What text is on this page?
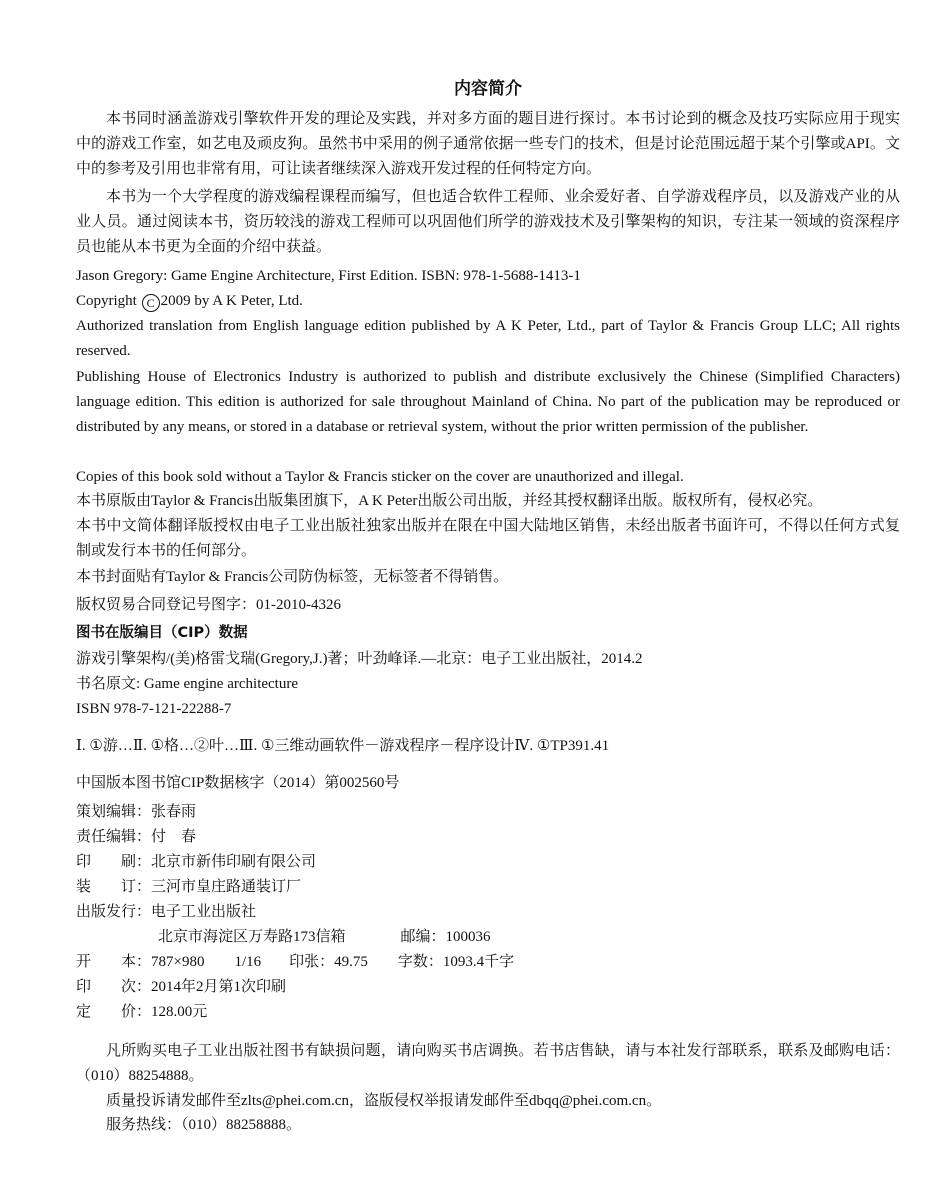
内容简介

本书同时涵盖游戏引擎软件开发的理论及实践，并对多方面的题目进行探讨。本书讨论到的概念及技巧实际应用于现实中的游戏工作室，如艺电及顽皮狗。虽然书中采用的例子通常依据一些专门的技术，但是讨论范围远超于某个引擎或API。文中的参考及引用也非常有用，可让读者继续深入游戏开发过程的任何特定方向。

本书为一个大学程度的游戏编程课程而编写，但也适合软件工程师、业余爱好者、自学游戏程序员，以及游戏产业的从业人员。通过阅读本书，资历较浅的游戏工程师可以巩固他们所学的游戏技术及引擎架构的知识，专注某一领域的资深程序员也能从本书更为全面的介绍中获益。

Jason Gregory: Game Engine Architecture, First Edition. ISBN: 978-1-5688-1413-1

Copyright C 2009 by A K Peter, Ltd.

Authorized translation from English language edition published by A K Peter, Ltd., part of Taylor & Francis Group LLC; All rights reserved.

Publishing House of Electronics Industry is authorized to publish and distribute exclusively the Chinese (Simplified Characters) language edition. This edition is authorized for sale throughout Mainland of China. No part of the publication may be reproduced or distributed by any means, or stored in a database or retrieval system, without the prior written permission of the publisher.

Copies of this book sold without a Taylor & Francis sticker on the cover are unauthorized and illegal.

本书原版由Taylor & Francis出版集团旗下，A K Peter出版公司出版，并经其授权翻译出版。版权所有，侵权必究。

本书中文简体翻译版授权由电子工业出版社独家出版并在限在中国大陆地区销售，未经出版者书面许可，不得以任何方式复制或发行本书的任何部分。

本书封面贴有Taylor & Francis公司防伪标签，无标签者不得销售。

版权贸易合同登记号图字：01-2010-4326

图书在版编目（CIP）数据

游戏引擎架构/(美)格雷戈瑞(Gregory,J.)著；叶劲峰译.—北京：电子工业出版社，2014.2

书名原文: Game engine architecture

ISBN 978-7-121-22288-7

Ⅰ. ①游…Ⅱ. ①格…②叶…Ⅲ. ①三维动画软件－游戏程序－程序设计Ⅳ. ①TP391.41

中国版本图书馆CIP数据核字（2014）第002560号

策划编辑：张春雨

责任编辑：付　春

印　　刷：北京市新伟印刷有限公司

装　　订：三河市皇庄路通装订厂

出版发行：电子工业出版社

北京市海淀区万寿路173信箱	邮编：100036

开　　本：787×980 1/16 印张：49.75 字数：1093.4千字

印　　次：2014年2月第1次印刷

定　　价：128.00元

凡所购买电子工业出版社图书有缺损问题，请向购买书店调换。若书店售缺，请与本社发行部联系，联系及邮购电话：（010）88254888。

质量投诉请发邮件至zlts@phei.com.cn，盗版侵权举报请发邮件至dbqq@phei.com.cn。

服务热线：（010）88258888。
